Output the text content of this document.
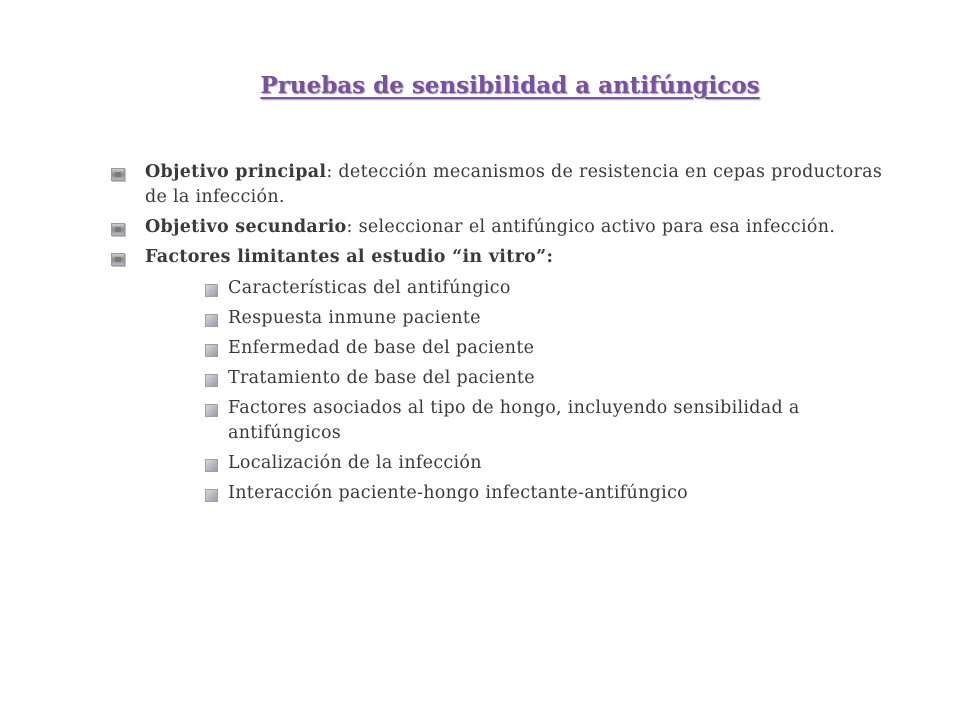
Pruebas de sensibilidad a antifúngicos
Objetivo principal: detección mecanismos de resistencia en cepas productoras de la infección.
Objetivo secundario: seleccionar el antifúngico activo para esa infección.
Factores limitantes al estudio “in vitro”:
Características del antifúngico
Respuesta inmune paciente
Enfermedad de base del paciente
Tratamiento de base del paciente
Factores asociados al tipo de hongo, incluyendo sensibilidad a antifúngicos
Localización de la infección
Interacción paciente-hongo infectante-antifúngico
